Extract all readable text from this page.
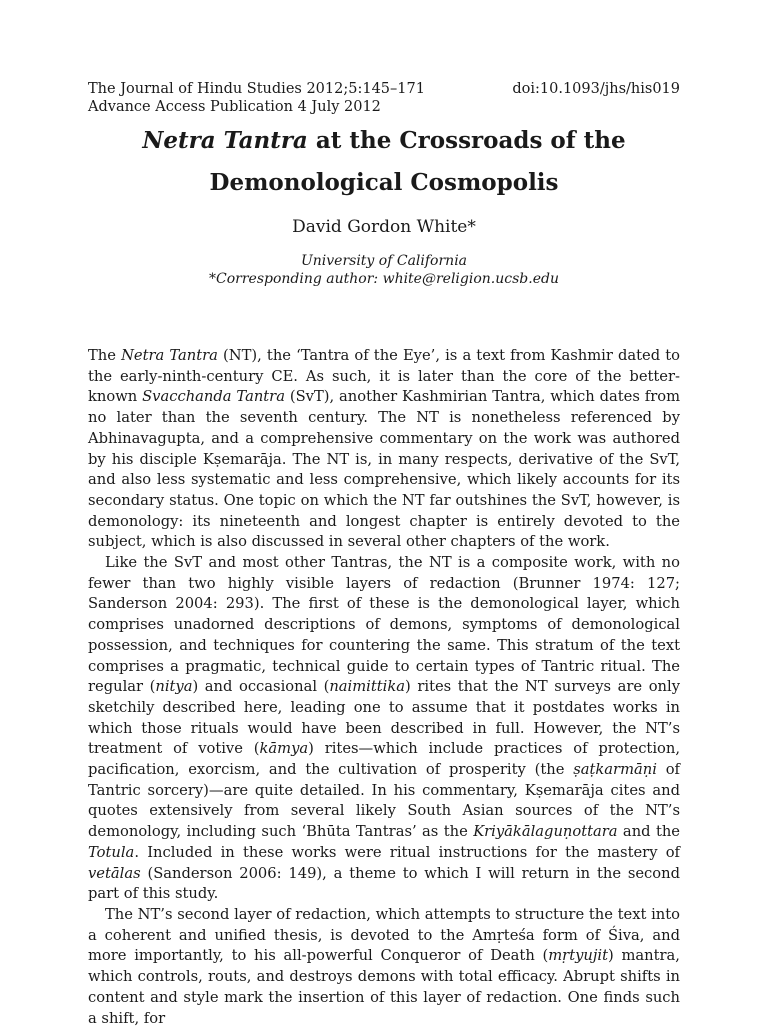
The Journal of Hindu Studies 2012;5:145–171	doi:10.1093/jhs/his019
Advance Access Publication 4 July 2012
Netra Tantra at the Crossroads of the
Demonological Cosmopolis
David Gordon White*
University of California
*Corresponding author: white@religion.ucsb.edu

The Netra Tantra (NT), the ‘Tantra of the Eye’, is a text from Kashmir dated to the early-ninth-century CE. As such, it is later than the core of the better-known Svacchanda Tantra (SvT), another Kashmirian Tantra, which dates from no later than the seventh century. The NT is nonetheless referenced by Abhinavagupta, and a comprehensive commentary on the work was authored by his disciple Kṣemarāja. The NT is, in many respects, derivative of the SvT, and also less systematic and less comprehensive, which likely accounts for its secondary status. One topic on which the NT far outshines the SvT, however, is demonology: its nineteenth and longest chapter is entirely devoted to the subject, which is also discussed in several other chapters of the work.

Like the SvT and most other Tantras, the NT is a composite work, with no fewer than two highly visible layers of redaction (Brunner 1974: 127; Sanderson 2004: 293). The first of these is the demonological layer, which comprises unadorned descriptions of demons, symptoms of demonological possession, and techniques for countering the same. This stratum of the text comprises a pragmatic, technical guide to certain types of Tantric ritual. The regular (nitya) and occasional (naimittika) rites that the NT surveys are only sketchily described here, leading one to assume that it postdates works in which those rituals would have been described in full. However, the NT’s treatment of votive (kāmya) rites—which include practices of protection, pacification, exorcism, and the cultivation of prosperity (the ṣaṭkarmāṇi of Tantric sorcery)—are quite detailed. In his commentary, Kṣemarāja cites and quotes extensively from several likely South Asian sources of the NT’s demonology, including such ‘Bhūta Tantras’ as the Kriyākālaguṇottara and the Totula. Included in these works were ritual instructions for the mastery of vetālas (Sanderson 2006: 149), a theme to which I will return in the second part of this study.

The NT’s second layer of redaction, which attempts to structure the text into a coherent and unified thesis, is devoted to the Amṛteśa form of Śiva, and more importantly, to his all-powerful Conqueror of Death (mṛtyujit) mantra, which controls, routs, and destroys demons with total efficacy. Abrupt shifts in content and style mark the insertion of this layer of redaction. One finds such a shift, for
